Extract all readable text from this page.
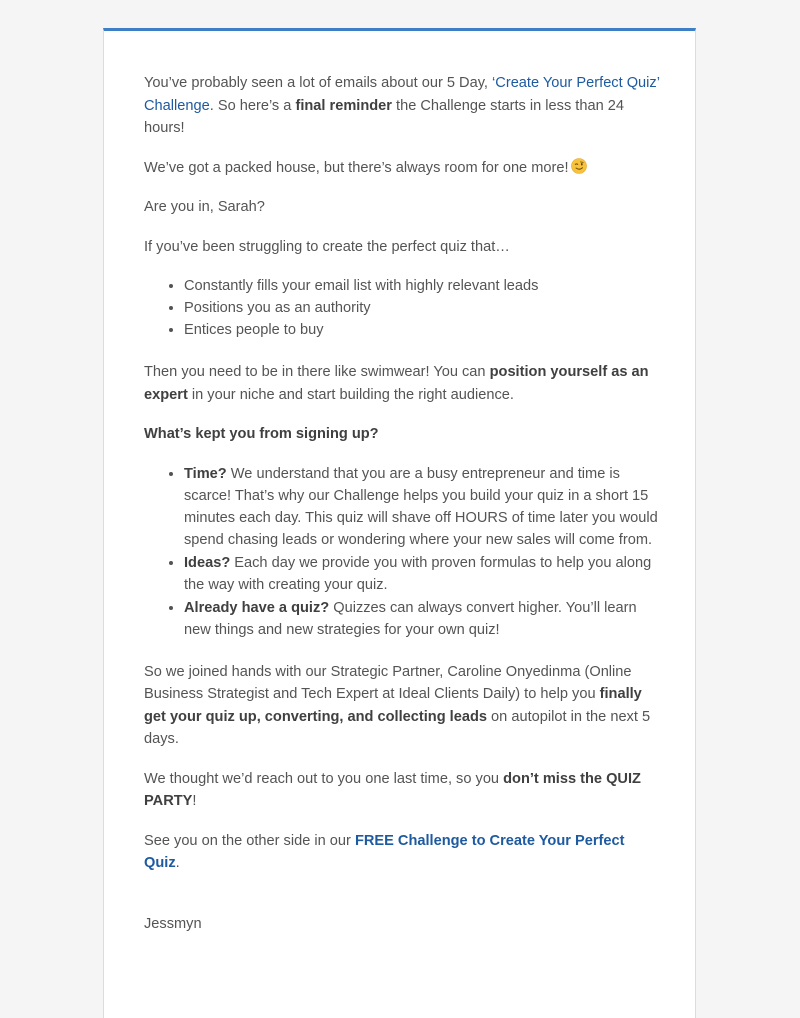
You’ve probably seen a lot of emails about our 5 Day, ‘Create Your Perfect Quiz’ Challenge. So here’s a final reminder the Challenge starts in less than 24 hours!

We’ve got a packed house, but there’s always room for one more!

Are you in, Sarah?

If you’ve been struggling to create the perfect quiz that…

• Constantly fills your email list with highly relevant leads
• Positions you as an authority
• Entices people to buy

Then you need to be in there like swimwear! You can position yourself as an expert in your niche and start building the right audience.

What’s kept you from signing up?

• Time? We understand that you are a busy entrepreneur and time is scarce! That’s why our Challenge helps you build your quiz in a short 15 minutes each day. This quiz will shave off HOURS of time later you would spend chasing leads or wondering where your new sales will come from.
• Ideas? Each day we provide you with proven formulas to help you along the way with creating your quiz.
• Already have a quiz? Quizzes can always convert higher. You’ll learn new things and new strategies for your own quiz!

So we joined hands with our Strategic Partner, Caroline Onyedinma (Online Business Strategist and Tech Expert at Ideal Clients Daily) to help you finally get your quiz up, converting, and collecting leads on autopilot in the next 5 days.

We thought we’d reach out to you one last time, so you don’t miss the QUIZ PARTY!

See you on the other side in our FREE Challenge to Create Your Perfect Quiz.

Jessmyn
